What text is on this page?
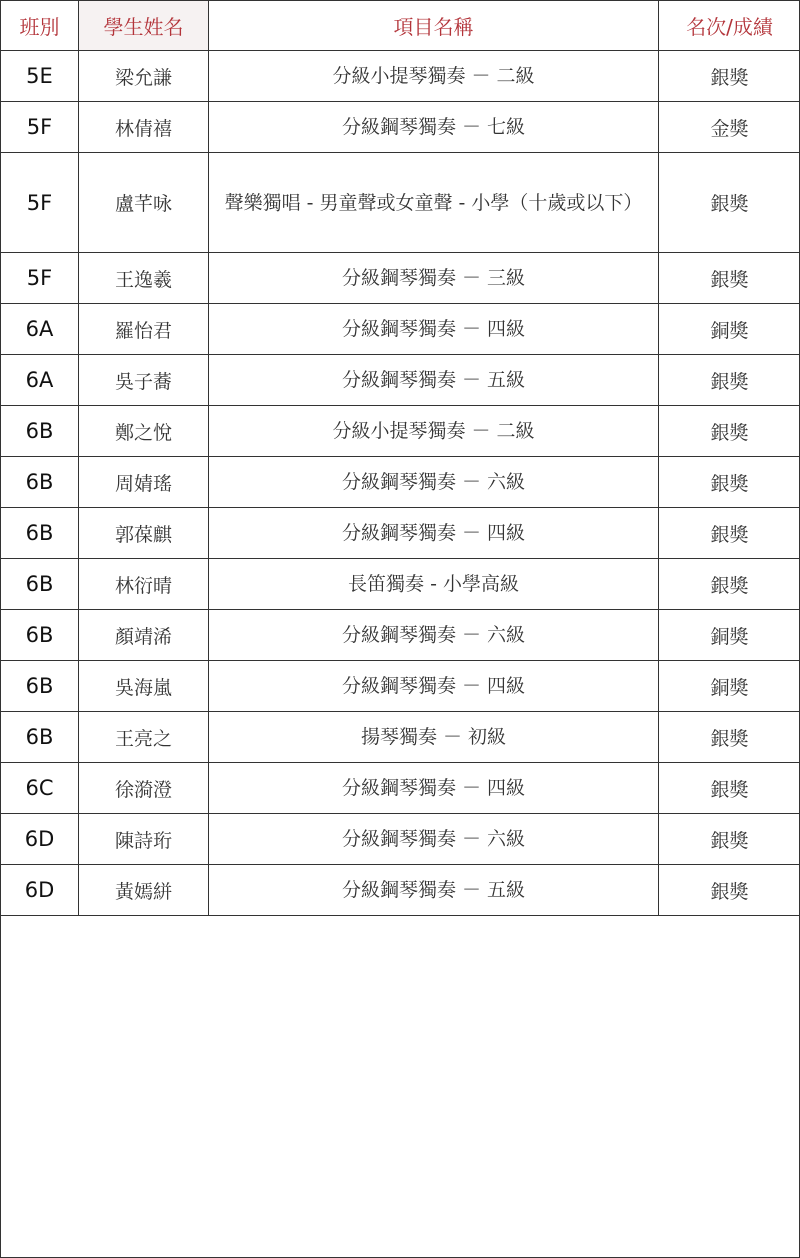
班別	學生姓名	項目名稱	名次/成績
5E	梁允謙	分級小提琴獨奏 － 二級	銀獎
5F	林倩禧	分級鋼琴獨奏 － 七級	金獎
5F	盧芊咏	聲樂獨唱 - 男童聲或女童聲 - 小學（十歲或以下）	銀獎
5F	王逸羲	分級鋼琴獨奏 － 三級	銀獎
6A	羅怡君	分級鋼琴獨奏 － 四級	銅獎
6A	吳子蕎	分級鋼琴獨奏 － 五級	銀獎
6B	鄭之悅	分級小提琴獨奏 － 二級	銀獎
6B	周婧瑤	分級鋼琴獨奏 － 六級	銀獎
6B	郭葆麒	分級鋼琴獨奏 － 四級	銀獎
6B	林衍晴	長笛獨奏 - 小學高級	銀獎
6B	顏靖浠	分級鋼琴獨奏 － 六級	銅獎
6B	吳海嵐	分級鋼琴獨奏 － 四級	銅獎
6B	王亮之	揚琴獨奏 － 初級	銀獎
6C	徐漪澄	分級鋼琴獨奏 － 四級	銀獎
6D	陳詩珩	分級鋼琴獨奏 － 六級	銀獎
6D	黃嫣絣	分級鋼琴獨奏 － 五級	銀獎
